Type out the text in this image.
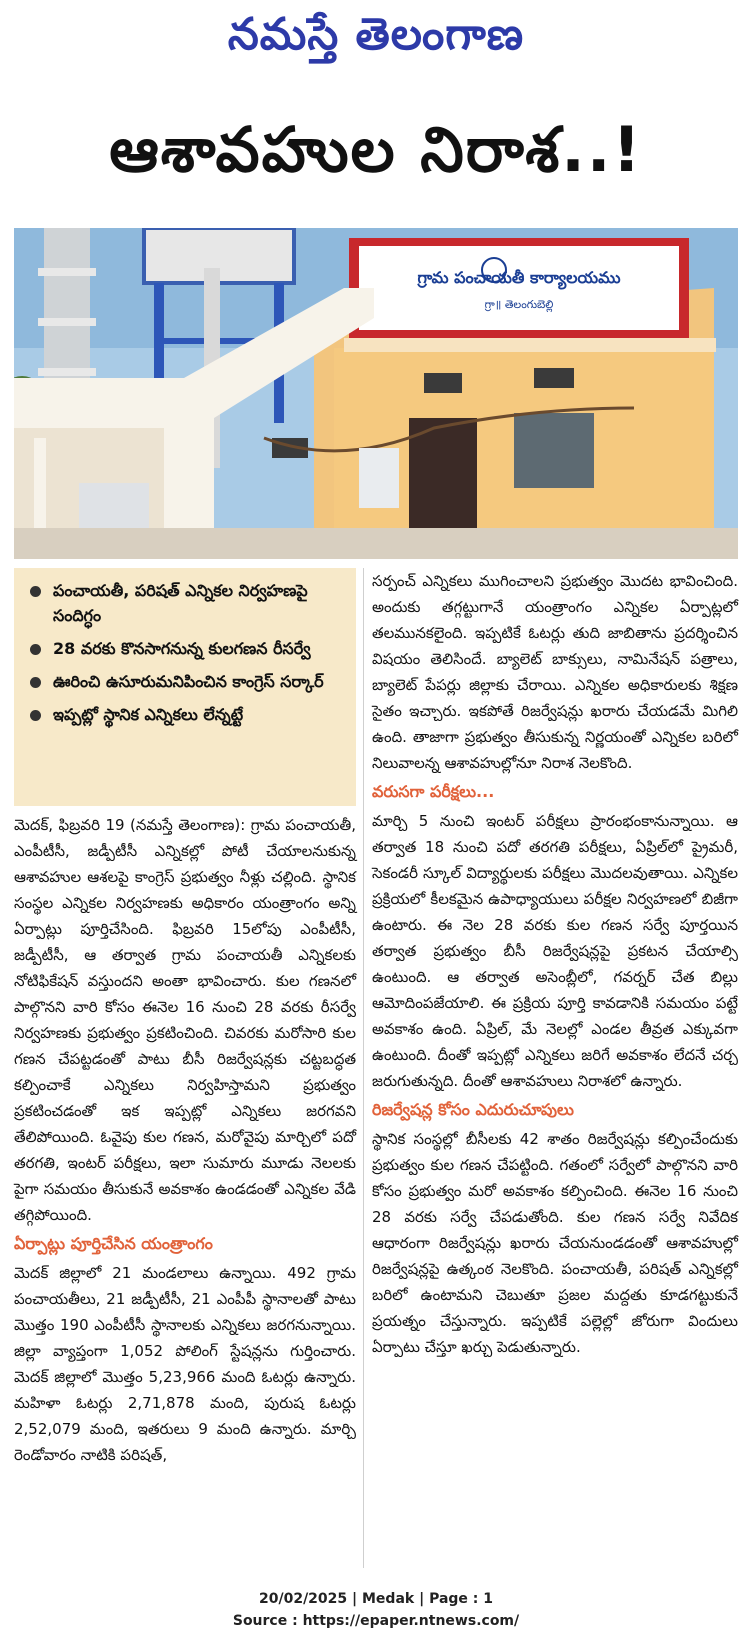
నమస్తే తెలంగాణ
ఆశావహుల నిరాశ..!
గ్రామ పంచాయతీ కార్యాలయము
గ్రా॥ తెలంగుబెల్లి
పంచాయతీ, పరిషత్ ఎన్నికల నిర్వహణపై సందిగ్ధం
28 వరకు కొనసాగనున్న కులగణన రీసర్వే
ఊరించి ఉసూరుమనిపించిన కాంగ్రెస్ సర్కార్
ఇప్పట్లో స్థానిక ఎన్నికలు లేన్నట్టే

మెదక్, ఫిబ్రవరి 19 (నమస్తే తెలంగాణ): గ్రామ పంచాయతీ, ఎంపీటీసీ, జడ్పీటీసీ ఎన్నికల్లో పోటీ చేయాలనుకున్న ఆశావహుల ఆశలపై కాంగ్రెస్ ప్రభుత్వం నీళ్లు చల్లింది. స్థానిక సంస్థల ఎన్నికల నిర్వహణకు అధికారం యంత్రాంగం అన్ని ఏర్పాట్లు పూర్తిచేసింది. ఫిబ్రవరి 15లోపు ఎంపీటీసీ, జడ్పీటీసీ, ఆ తర్వాత గ్రామ పంచాయతీ ఎన్నికలకు నోటిఫికేషన్ వస్తుందని అంతా భావించారు. కుల గణనలో పాల్గొనని వారి కోసం ఈనెల 16 నుంచి 28 వరకు రీసర్వే నిర్వహణకు ప్రభుత్వం ప్రకటించింది. చివరకు మరోసారి కుల గణన చేపట్టడంతో పాటు బీసీ రిజర్వేషన్లకు చట్టబద్ధత కల్పించాకే ఎన్నికలు నిర్వహిస్తామని ప్రభుత్వం ప్రకటించడంతో ఇక ఇప్పట్లో ఎన్నికలు జరగవని తేలిపోయింది. ఓవైపు కుల గణన, మరోవైపు మార్చిలో పదో తరగతి, ఇంటర్ పరీక్షలు, ఇలా సుమారు మూడు నెలలకు పైగా సమయం తీసుకునే అవకాశం ఉండడంతో ఎన్నికల వేడి తగ్గిపోయింది.

ఏర్పాట్లు పూర్తిచేసిన యంత్రాంగం

మెదక్ జిల్లాలో 21 మండలాలు ఉన్నాయి. 492 గ్రామ పంచాయతీలు, 21 జడ్పీటీసీ, 21 ఎంపీపీ స్థానాలతో పాటు మొత్తం 190 ఎంపీటీసీ స్థానాలకు ఎన్నికలు జరగనున్నాయి. జిల్లా వ్యాప్తంగా 1,052 పోలింగ్ స్టేషన్లను గుర్తించారు. మెదక్ జిల్లాలో మొత్తం 5,23,966 మంది ఓటర్లు ఉన్నారు. మహిళా ఓటర్లు 2,71,878 మంది, పురుష ఓటర్లు 2,52,079 మంది, ఇతరులు 9 మంది ఉన్నారు. మార్చి రెండోవారం నాటికి పరిషత్,

సర్పంచ్ ఎన్నికలు ముగించాలని ప్రభుత్వం మొదట భావించింది. అందుకు తగ్గట్టుగానే యంత్రాంగం ఎన్నికల ఏర్పాట్లలో తలమునకలైంది. ఇప్పటికే ఓటర్లు తుది జాబితాను ప్రదర్శించిన విషయం తెలిసిందే. బ్యాలెట్ బాక్సులు, నామినేషన్ పత్రాలు, బ్యాలెట్ పేపర్లు జిల్లాకు చేరాయి. ఎన్నికల అధికారులకు శిక్షణ సైతం ఇచ్చారు. ఇకపోతే రిజర్వేషన్లు ఖరారు చేయడమే మిగిలి ఉంది. తాజాగా ప్రభుత్వం తీసుకున్న నిర్ణయంతో ఎన్నికల బరిలో నిలువాలన్న ఆశావహుల్లోనూ నిరాశ నెలకొంది.

వరుసగా పరీక్షలు...

మార్చి 5 నుంచి ఇంటర్ పరీక్షలు ప్రారంభంకానున్నాయి. ఆ తర్వాత 18 నుంచి పదో తరగతి పరీక్షలు, ఏప్రిల్‌లో ప్రైమరీ, సెకండరీ స్కూల్ విద్యార్థులకు పరీక్షలు మొదలవుతాయి. ఎన్నికల ప్రక్రియలో కీలకమైన ఉపాధ్యాయులు పరీక్షల నిర్వహణలో బిజీగా ఉంటారు. ఈ నెల 28 వరకు కుల గణన సర్వే పూర్తయిన తర్వాత ప్రభుత్వం బీసీ రిజర్వేషన్లపై ప్రకటన చేయాల్సి ఉంటుంది. ఆ తర్వాత అసెంబ్లీలో, గవర్నర్ చేత బిల్లు ఆమోదింపజేయాలి. ఈ ప్రక్రియ పూర్తి కావడానికి సమయం పట్టే అవకాశం ఉంది. ఏప్రిల్, మే నెలల్లో ఎండల తీవ్రత ఎక్కువగా ఉంటుంది. దీంతో ఇప్పట్లో ఎన్నికలు జరిగే అవకాశం లేదనే చర్చ జరుగుతున్నది. దీంతో ఆశావహులు నిరాశలో ఉన్నారు.

రిజర్వేషన్ల కోసం ఎదురుచూపులు

స్థానిక సంస్థల్లో బీసీలకు 42 శాతం రిజర్వేషన్లు కల్పించేందుకు ప్రభుత్వం కుల గణన చేపట్టింది. గతంలో సర్వేలో పాల్గొనని వారి కోసం ప్రభుత్వం మరో అవకాశం కల్పించింది. ఈనెల 16 నుంచి 28 వరకు సర్వే చేపడుతోంది. కుల గణన సర్వే నివేదిక ఆధారంగా రిజర్వేషన్లు ఖరారు చేయనుండడంతో ఆశావహుల్లో రిజర్వేషన్లపై ఉత్కంఠ నెలకొంది. పంచాయతీ, పరిషత్ ఎన్నికల్లో బరిలో ఉంటామని చెబుతూ ప్రజల మద్దతు కూడగట్టుకునే ప్రయత్నం చేస్తున్నారు. ఇప్పటికే పల్లెల్లో జోరుగా విందులు ఏర్పాటు చేస్తూ ఖర్చు పెడుతున్నారు.

20/02/2025 | Medak | Page : 1
Source : https://epaper.ntnews.com/
